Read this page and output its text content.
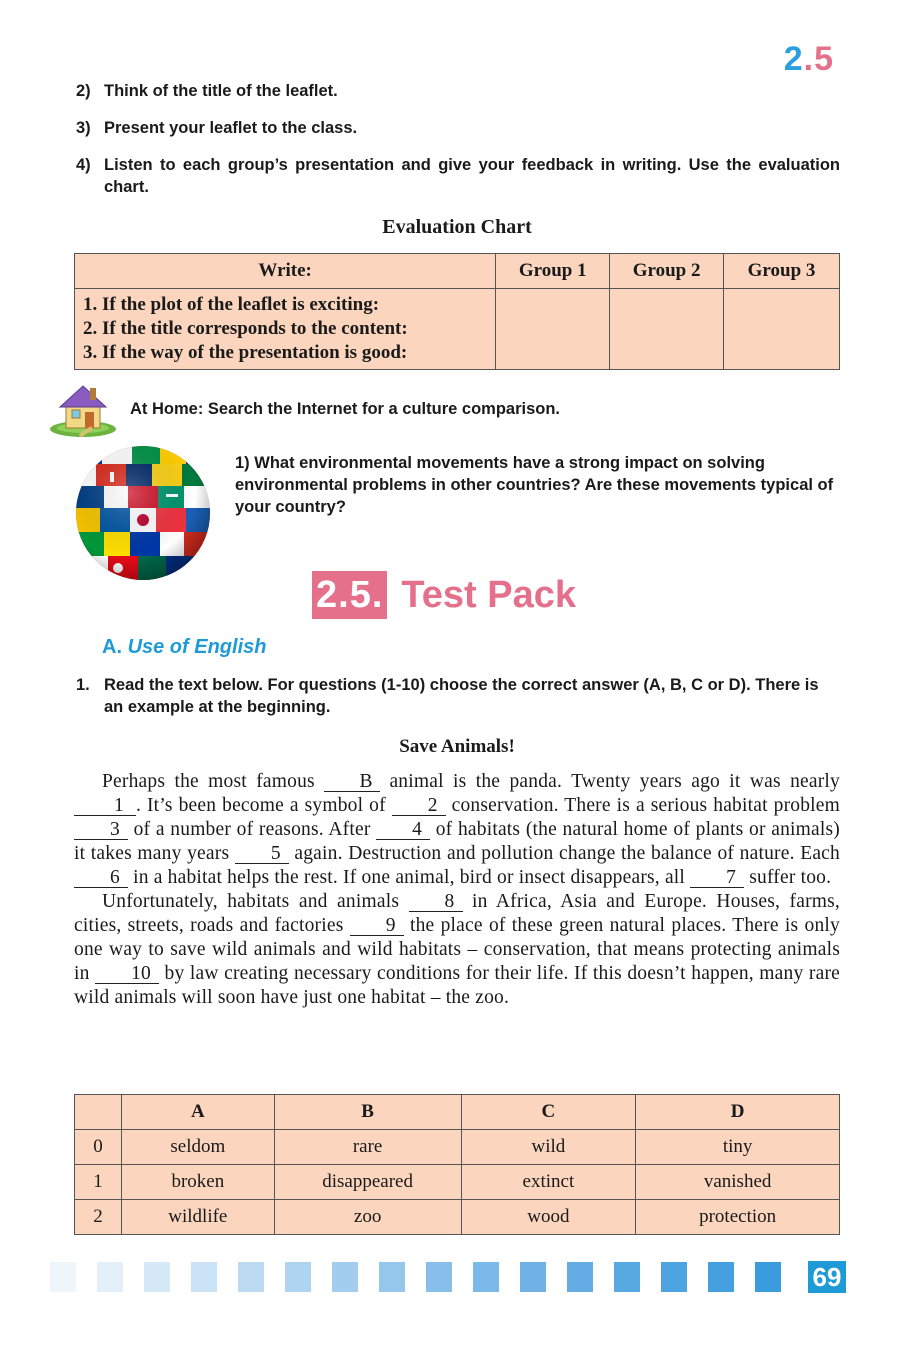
2.5
2) Think of the title of the leaflet.
3) Present your leaflet to the class.
4) Listen to each group’s presentation and give your feedback in writing. Use the evaluation chart.
Evaluation Chart
Write:	Group 1	Group 2	Group 3

1. If the plot of the leaflet is exciting:
2. If the title corresponds to the content:
3. If the way of the presentation is good:			

At Home: Search the Internet for a culture comparison.
1) What environmental movements have a strong impact on solving environmental problems in other countries? Are these movements typical of your country?
2.5. Test Pack
A. Use of English
1. Read the text below. For questions (1-10) choose the correct answer (A, B, C or D). There is an example at the beginning.
Save Animals!

Perhaps the most famous B animal is the panda. Twenty years ago it was nearly 1 . It’s been become a symbol of 2 conservation. There is a serious habitat problem 3 of a number of reasons. After 4 of habitats (the natural home of plants or animals) it takes many years 5 again. Destruction and pollution change the balance of nature. Each 6 in a habitat helps the rest. If one animal, bird or insect disappears, all 7 suffer too.

Unfortunately, habitats and animals 8 in Africa, Asia and Europe. Houses, farms, cities, streets, roads and factories 9 the place of these green natural places. There is only one way to save wild animals and wild habitats – conservation, that means protecting animals in 10 by law creating necessary conditions for their life. If this doesn’t happen, many rare wild animals will soon have just one habitat – the zoo.

	A	B	C	D
0	seldom	rare	wild	tiny
1	broken	disappeared	extinct	vanished
2	wildlife	zoo	wood	protection
69
